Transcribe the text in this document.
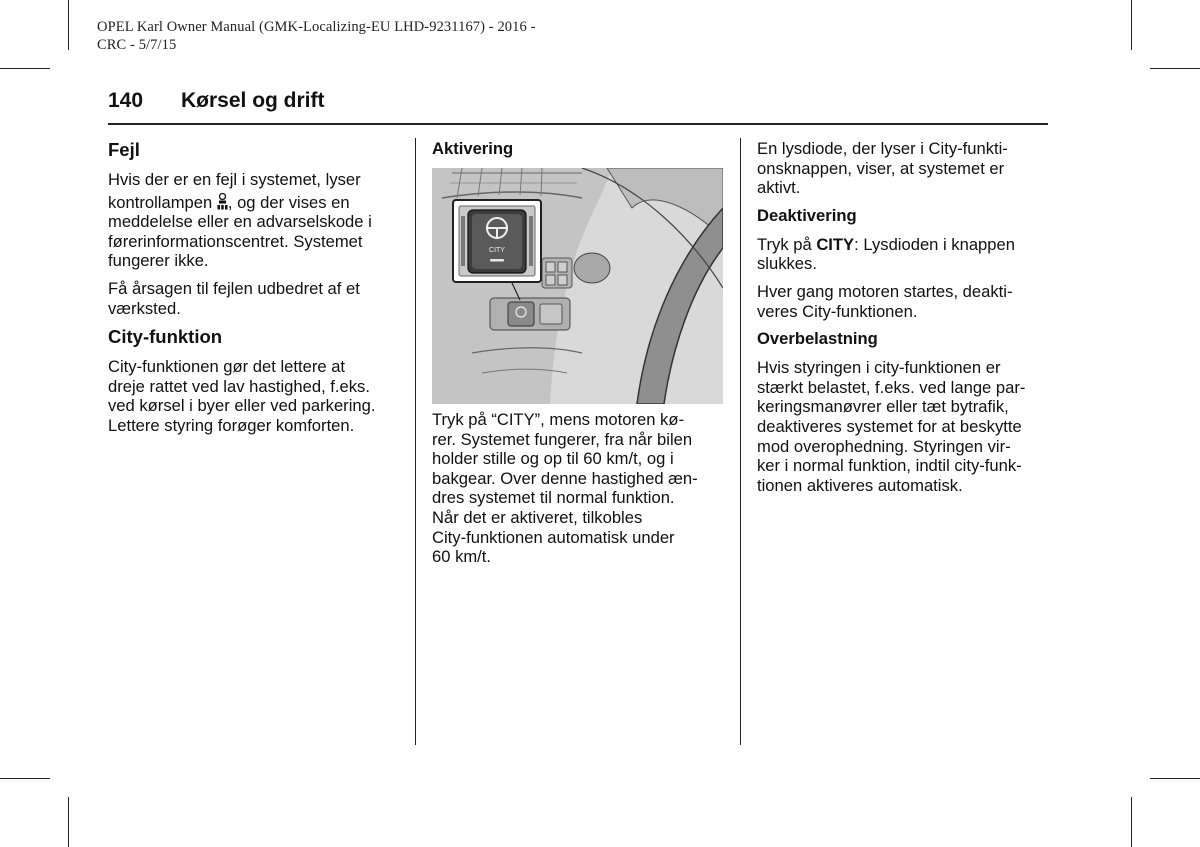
OPEL Karl Owner Manual (GMK-Localizing-EU LHD-9231167) - 2016 -
CRC - 5/7/15
140 Kørsel og drift
Fejl

Hvis der er en fejl i systemet, lyser
kontrollampen , og der vises en
meddelelse eller en advarselskode i
førerinformationscentret. Systemet
fungerer ikke.

Få årsagen til fejlen udbedret af et
værksted.

City-funktion

City-funktionen gør det lettere at
dreje rattet ved lav hastighed, f.eks.
ved kørsel i byer eller ved parkering.
Lettere styring forøger komforten.

Aktivering
CITY

Tryk på “CITY”, mens motoren kø-
rer. Systemet fungerer, fra når bilen
holder stille og op til 60 km/t, og i
bakgear. Over denne hastighed æn-
dres systemet til normal funktion.
Når det er aktiveret, tilkobles
City-funktionen automatisk under
60 km/t.

En lysdiode, der lyser i City-funkti-
onsknappen, viser, at systemet er
aktivt.

Deaktivering

Tryk på CITY: Lysdioden i knappen
slukkes.

Hver gang motoren startes, deakti-
veres City-funktionen.

Overbelastning

Hvis styringen i city-funktionen er
stærkt belastet, f.eks. ved lange par-
keringsmanøvrer eller tæt bytrafik,
deaktiveres systemet for at beskytte
mod overophedning. Styringen vir-
ker i normal funktion, indtil city-funk-
tionen aktiveres automatisk.
